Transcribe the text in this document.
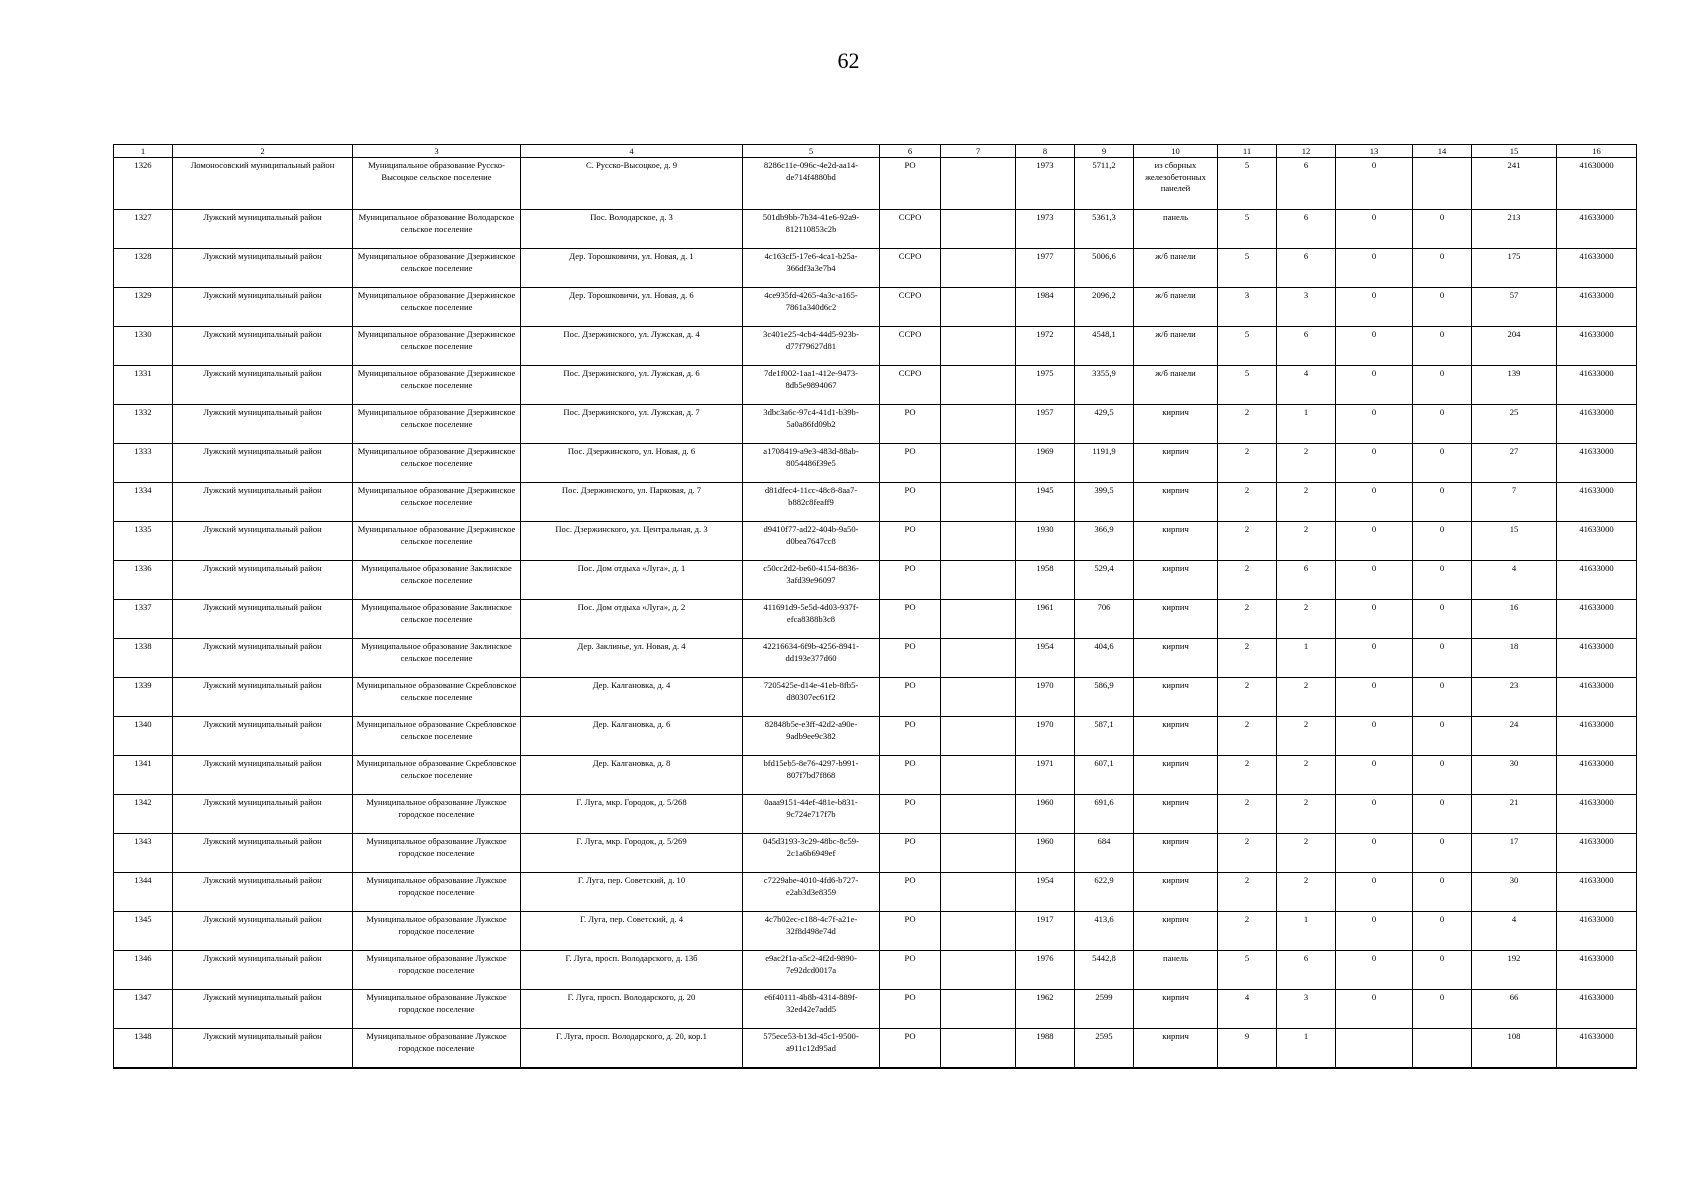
62
1	2	3	4	5	6	7	8	9	10	11	12	13	14	15	16
1326	Ломоносовский муниципальный район	Муниципальное образование Русско-Высоцкое сельское поселение	С. Русско-Высоцкое, д. 9	8286c11e-096c-4e2d-aa14-de714f4880bd	РО		1973	5711,2	из сборных железобетонных панелей	5	6	0		241	41630000
1327	Лужский муниципальный район	Муниципальное образование Володарское сельское поселение	Пос. Володарское, д. 3	501db9bb-7b34-41e6-92a9-812110853c2b	ССРО		1973	5361,3	панель	5	6	0	0	213	41633000
1328	Лужский муниципальный район	Муниципальное образование Дзержинское сельское поселение	Дер. Торошковичи, ул. Новая, д. 1	4c163cf5-17e6-4ca1-b25a-366df3a3e7b4	ССРО		1977	5006,6	ж/б панели	5	6	0	0	175	41633000
1329	Лужский муниципальный район	Муниципальное образование Дзержинское сельское поселение	Дер. Торошковичи, ул. Новая, д. 6	4ce935fd-4265-4a3c-a165-7861a340d6c2	ССРО		1984	2096,2	ж/б панели	3	3	0	0	57	41633000
1330	Лужский муниципальный район	Муниципальное образование Дзержинское сельское поселение	Пос. Дзержинского, ул. Лужская, д. 4	3c401e25-4cb4-44d5-923b-d77f79627d81	ССРО		1972	4548,1	ж/б панели	5	6	0	0	204	41633000
1331	Лужский муниципальный район	Муниципальное образование Дзержинское сельское поселение	Пос. Дзержинского, ул. Лужская, д. 6	7de1f002-1aa1-412e-9473-8db5e9894067	ССРО		1975	3355,9	ж/б панели	5	4	0	0	139	41633000
1332	Лужский муниципальный район	Муниципальное образование Дзержинское сельское поселение	Пос. Дзержинского, ул. Лужская, д. 7	3dbc3a6c-97c4-41d1-b39b-5a0a86fd09b2	РО		1957	429,5	кирпич	2	1	0	0	25	41633000
1333	Лужский муниципальный район	Муниципальное образование Дзержинское сельское поселение	Пос. Дзержинского, ул. Новая, д. 6	a1708419-a9e3-483d-88ab-8054486f39e5	РО		1969	1191,9	кирпич	2	2	0	0	27	41633000
1334	Лужский муниципальный район	Муниципальное образование Дзержинское сельское поселение	Пос. Дзержинского, ул. Парковая, д. 7	d81dfec4-11cc-48c8-8aa7-b882c8feaff9	РО		1945	399,5	кирпич	2	2	0	0	7	41633000
1335	Лужский муниципальный район	Муниципальное образование Дзержинское сельское поселение	Пос. Дзержинского, ул. Центральная, д. 3	d9410f77-ad22-404b-9a50-d0bea7647cc8	РО		1930	366,9	кирпич	2	2	0	0	15	41633000
1336	Лужский муниципальный район	Муниципальное образование Заклинское сельское поселение	Пос. Дом отдыха «Луга», д. 1	c50cc2d2-be60-4154-8836-3afd39e96097	РО		1958	529,4	кирпич	2	6	0	0	4	41633000
1337	Лужский муниципальный район	Муниципальное образование Заклинское сельское поселение	Пос. Дом отдыха «Луга», д. 2	411691d9-5e5d-4d03-937f-efca8388b3c8	РО		1961	706	кирпич	2	2	0	0	16	41633000
1338	Лужский муниципальный район	Муниципальное образование Заклинское сельское поселение	Дер. Заклинье, ул. Новая, д. 4	42216634-6f9b-4256-8941-dd193e377d60	РО		1954	404,6	кирпич	2	1	0	0	18	41633000
1339	Лужский муниципальный район	Муниципальное образование Скребловское сельское поселение	Дер. Калгановка, д. 4	7205425e-d14e-41eb-8fb5-d80307ec61f2	РО		1970	586,9	кирпич	2	2	0	0	23	41633000
1340	Лужский муниципальный район	Муниципальное образование Скребловское сельское поселение	Дер. Калгановка, д. 6	82848b5e-e3ff-42d2-a90e-9adb9ee9c382	РО		1970	587,1	кирпич	2	2	0	0	24	41633000
1341	Лужский муниципальный район	Муниципальное образование Скребловское сельское поселение	Дер. Калгановка, д. 8	bfd15eb5-8e76-4297-b991-807f7bd7f868	РО		1971	607,1	кирпич	2	2	0	0	30	41633000
1342	Лужский муниципальный район	Муниципальное образование Лужское городское поселение	Г. Луга, мкр. Городок, д. 5/268	0aaa9151-44ef-481e-b831-9c724e717f7b	РО		1960	691,6	кирпич	2	2	0	0	21	41633000
1343	Лужский муниципальный район	Муниципальное образование Лужское городское поселение	Г. Луга, мкр. Городок, д. 5/269	045d3193-3c29-48bc-8c59-2c1a6b6949ef	РО		1960	684	кирпич	2	2	0	0	17	41633000
1344	Лужский муниципальный район	Муниципальное образование Лужское городское поселение	Г. Луга, пер. Советский, д. 10	c7229abe-4010-4fd6-b727-e2ab3d3e8359	РО		1954	622,9	кирпич	2	2	0	0	30	41633000
1345	Лужский муниципальный район	Муниципальное образование Лужское городское поселение	Г. Луга, пер. Советский, д. 4	4c7b02ec-c188-4c7f-a21e-32f8d498e74d	РО		1917	413,6	кирпич	2	1	0	0	4	41633000
1346	Лужский муниципальный район	Муниципальное образование Лужское городское поселение	Г. Луга, просп. Володарского, д. 13б	e9ac2f1a-a5c2-4f2d-9890-7e92dcd0017a	РО		1976	5442,8	панель	5	6	0	0	192	41633000
1347	Лужский муниципальный район	Муниципальное образование Лужское городское поселение	Г. Луга, просп. Володарского, д. 20	e6f40111-4b8b-4314-889f-32ed42e7add5	РО		1962	2599	кирпич	4	3	0	0	66	41633000
1348	Лужский муниципальный район	Муниципальное образование Лужское городское поселение	Г. Луга, просп. Володарского, д. 20, кор.1	575ece53-b13d-45c1-9500-a911c12d95ad	РО		1988	2595	кирпич	9	1			108	41633000
